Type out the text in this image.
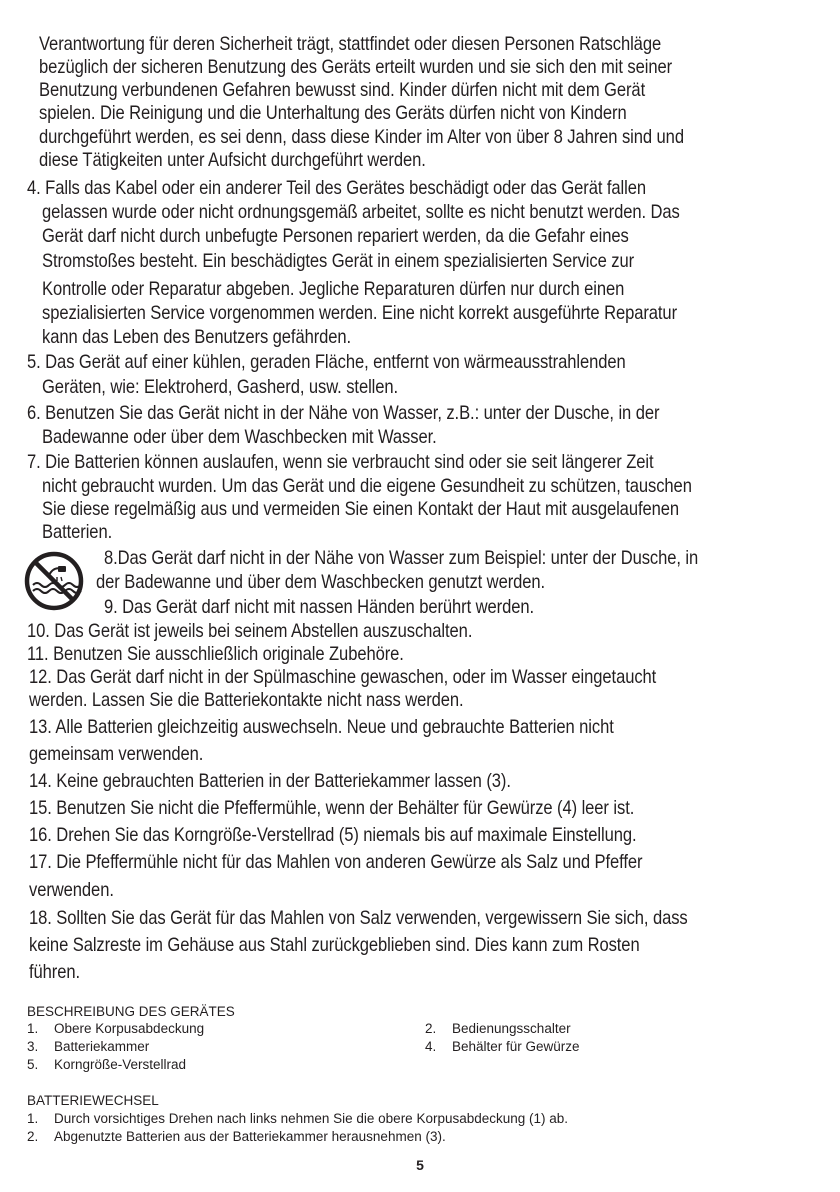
Verantwortung für deren Sicherheit trägt, stattfindet oder diesen Personen Ratschläge

bezüglich der sicheren Benutzung des Geräts erteilt wurden und sie sich den mit seiner

Benutzung verbundenen Gefahren bewusst sind. Kinder dürfen nicht mit dem Gerät

spielen. Die Reinigung und die Unterhaltung des Geräts dürfen nicht von Kindern

durchgeführt werden, es sei denn, dass diese Kinder im Alter von über 8 Jahren sind und

diese Tätigkeiten unter Aufsicht durchgeführt werden.

4. Falls das Kabel oder ein anderer Teil des Gerätes beschädigt oder das Gerät fallen

gelassen wurde oder nicht ordnungsgemäß arbeitet, sollte es nicht benutzt werden. Das

Gerät darf nicht durch unbefugte Personen repariert werden, da die Gefahr eines

Stromstoßes besteht. Ein beschädigtes Gerät in einem spezialisierten Service zur

Kontrolle oder Reparatur abgeben. Jegliche Reparaturen dürfen nur durch einen

spezialisierten Service vorgenommen werden. Eine nicht korrekt ausgeführte Reparatur

kann das Leben des Benutzers gefährden.

5. Das Gerät auf einer kühlen, geraden Fläche, entfernt von wärmeausstrahlenden

Geräten, wie: Elektroherd, Gasherd, usw. stellen.

6. Benutzen Sie das Gerät nicht in der Nähe von Wasser, z.B.: unter der Dusche, in der

Badewanne oder über dem Waschbecken mit Wasser.

7. Die Batterien können auslaufen, wenn sie verbraucht sind oder sie seit längerer Zeit

nicht gebraucht wurden. Um das Gerät und die eigene Gesundheit zu schützen, tauschen

Sie diese regelmäßig aus und vermeiden Sie einen Kontakt der Haut mit ausgelaufenen

Batterien.

8.Das Gerät darf nicht in der Nähe von Wasser zum Beispiel: unter der Dusche, in

der Badewanne und über dem Waschbecken genutzt werden.

9. Das Gerät darf nicht mit nassen Händen berührt werden.

10. Das Gerät ist jeweils bei seinem Abstellen auszuschalten.

11. Benutzen Sie ausschließlich originale Zubehöre.

12. Das Gerät darf nicht in der Spülmaschine gewaschen, oder im Wasser eingetaucht

werden. Lassen Sie die Batteriekontakte nicht nass werden.

13. Alle Batterien gleichzeitig auswechseln. Neue und gebrauchte Batterien nicht

gemeinsam verwenden.

14. Keine gebrauchten Batterien in der Batteriekammer lassen (3).

15. Benutzen Sie nicht die Pfeffermühle, wenn der Behälter für Gewürze (4) leer ist.

16. Drehen Sie das Korngröße-Verstellrad (5) niemals bis auf maximale Einstellung.

17. Die Pfeffermühle nicht für das Mahlen von anderen Gewürze als Salz und Pfeffer

verwenden.

18. Sollten Sie das Gerät für das Mahlen von Salz verwenden, vergewissern Sie sich, dass

keine Salzreste im Gehäuse aus Stahl zurückgeblieben sind. Dies kann zum Rosten

führen.

BESCHREIBUNG DES GERÄTES

1. Obere Korpusabdeckung	2. Bedienungsschalter

3. Batteriekammer	4. Behälter für Gewürze

5. Korngröße-Verstellrad

BATTERIEWECHSEL

1. Durch vorsichtiges Drehen nach links nehmen Sie die obere Korpusabdeckung (1) ab.

2. Abgenutzte Batterien aus der Batteriekammer herausnehmen (3).

5
